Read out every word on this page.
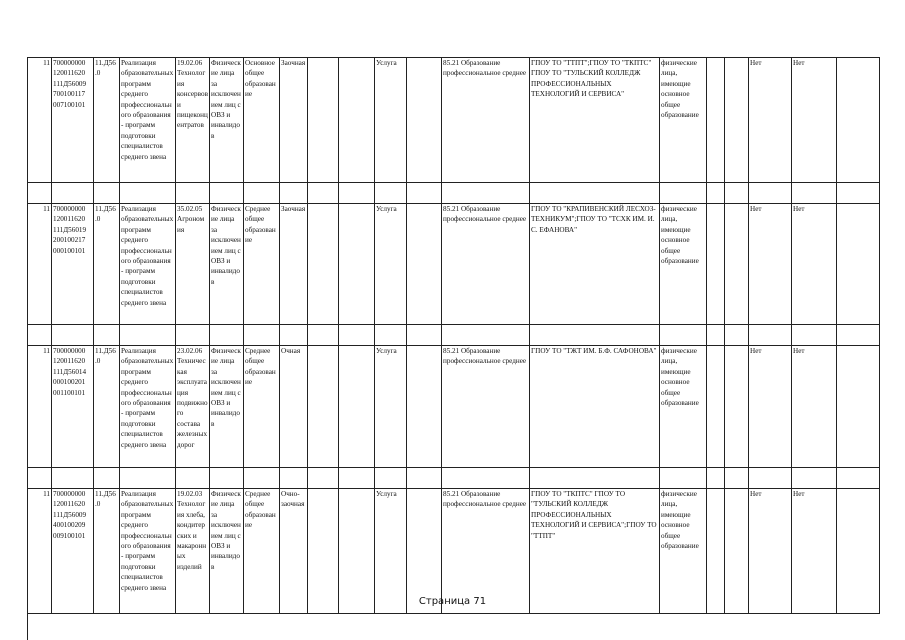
11	700000000
120011620
111Д56009
700100117
007100101	11.Д56
.0	Реализация образовательных программ среднего профессионального образования - программ подготовки специалистов среднего звена	19.02.06 Технология консервов и пищеконцентратов	Физические лица за исключением лиц с ОВЗ и инвалидов	Основное общее образование	Заочная			Услуга		85.21 Образование профессиональное среднее	ГПОУ ТО "ТТПТ";ГПОУ ТО "ТКПТС" ГПОУ ТО "ТУЛЬСКИЙ КОЛЛЕДЖ ПРОФЕССИОНАЛЬНЫХ ТЕХНОЛОГИЙ И СЕРВИСА"	физические лица, имеющие основное общее образование			Нет	Нет	

11	700000000
120011620
111Д56019
200100217
000100101	11.Д56
.0	Реализация образовательных программ среднего профессионального образования - программ подготовки специалистов среднего звена	35.02.05 Агрономия	Физические лица за исключением лиц с ОВЗ и инвалидов	Среднее общее образование	Заочная			Услуга		85.21 Образование профессиональное среднее	ГПОУ ТО "КРАПИВЕНСКИЙ ЛЕСХОЗ-ТЕХНИКУМ";ГПОУ ТО "ТСХК ИМ. И. С. ЕФАНОВА"	физические лица, имеющие основное общее образование			Нет	Нет	

11	700000000
120011620
111Д56014
000100201
001100101	11.Д56
.0	Реализация образовательных программ среднего профессионального образования - программ подготовки специалистов среднего звена	23.02.06 Техническая эксплуатация подвижного состава железных дорог	Физические лица за исключением лиц с ОВЗ и инвалидов	Среднее общее образование	Очная			Услуга		85.21 Образование профессиональное среднее	ГПОУ ТО "ТЖТ ИМ. Б.Ф. САФОНОВА"	физические лица, имеющие основное общее образование			Нет	Нет	

11	700000000
120011620
111Д56009
400100209
009100101	11.Д56
.0	Реализация образовательных программ среднего профессионального образования - программ подготовки специалистов среднего звена	19.02.03 Технология хлеба, кондитерских и макаронных изделий	Физические лица за исключением лиц с ОВЗ и инвалидов	Среднее общее образование	Очно-заочная			Услуга		85.21 Образование профессиональное среднее	ГПОУ ТО "ТКПТС" ГПОУ ТО "ТУЛЬСКИЙ КОЛЛЕДЖ ПРОФЕССИОНАЛЬНЫХ ТЕХНОЛОГИЙ И СЕРВИСА";ГПОУ ТО "ТТПТ"	физические лица, имеющие основное общее образование			Нет	Нет	
Страница 71
